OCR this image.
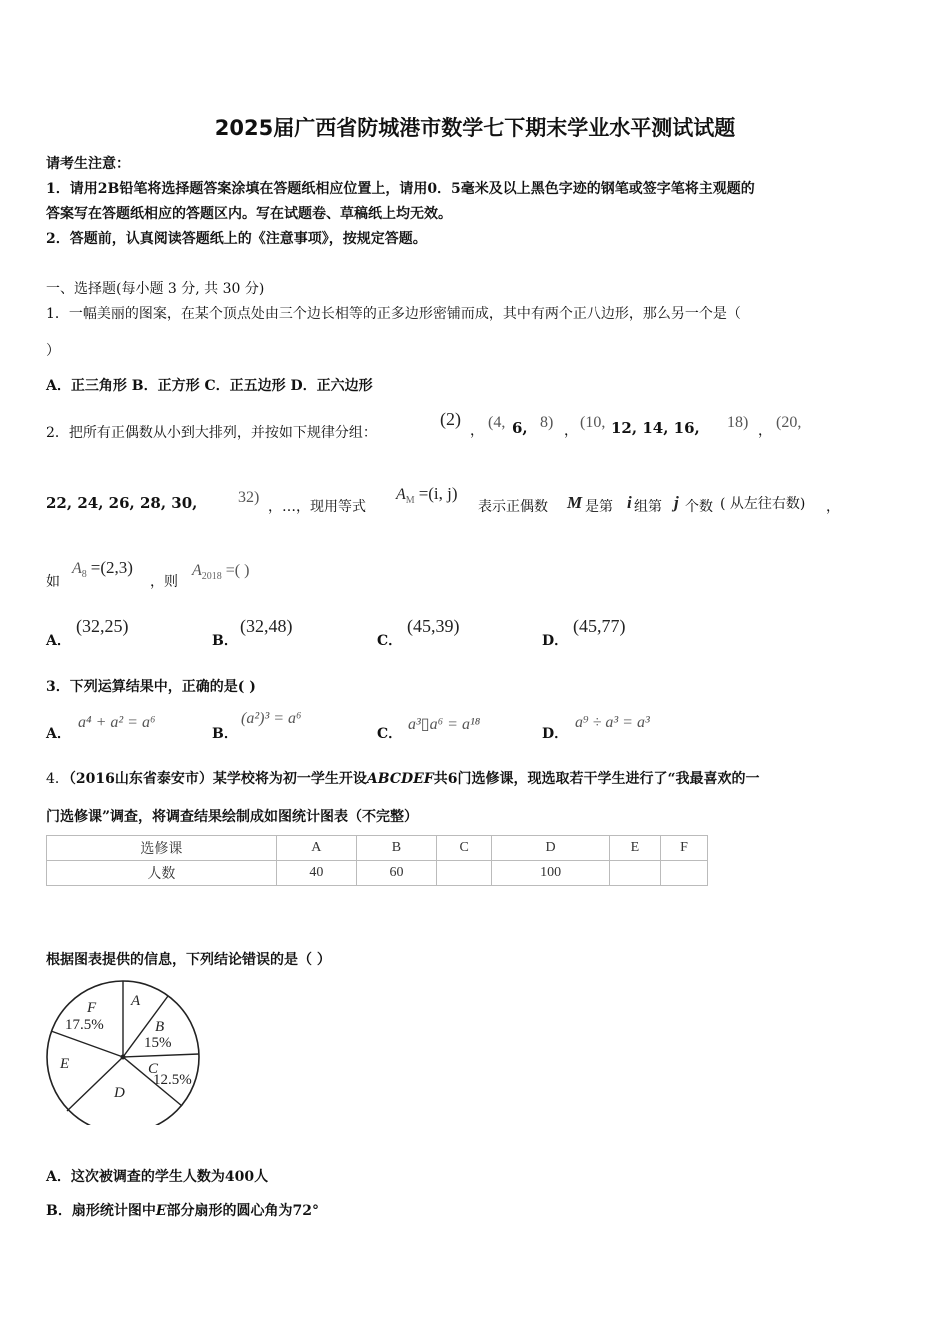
2025届广西省防城港市数学七下期末学业水平测试试题
请考生注意：
1．请用2B铅笔将选择题答案涂填在答题纸相应位置上，请用0．5毫米及以上黑色字迹的钢笔或签字笔将主观题的
答案写在答题纸相应的答题区内。写在试题卷、草稿纸上均无效。
2．答题前，认真阅读答题纸上的《注意事项》，按规定答题。
一、选择题(每小题 3 分, 共 30 分)
1．一幅美丽的图案，在某个顶点处由三个边长相等的正多边形密铺而成，其中有两个正八边形，那么另一个是（
）
A．正三角形 B．正方形 C．正五边形 D．正六边形
2．把所有正偶数从小到大排列，并按如下规律分组：
(2)
， (4, 6, 8) ， (10, 12, 14, 16, 18) ， (20,
22, 24, 26, 28, 30,	32)
，…，现用等式
$A_M =(i$, j)
表示正偶数 M 是第 i 组第 j 个数 ( 从左往右数) ，
如
$A_8 =(2,3)$
，则
$A_{2018}$ =( )
A．
(32,25)
B．
(32,48)
C．
(45,39)
D．
(45,77)
3．下列运算结果中，正确的是( )
A．
a⁴ + a² = a⁶
B．
(a²)³ = a⁶
C．
a³▯a⁶ = a¹⁸
D．
a⁹ ÷ a³ = a³
4．（2016山东省泰安市）某学校将为初一学生开设ABCDEF共6门选修课，现选取若干学生进行了“我最喜欢的一
门选修课”调查，将调查结果绘制成如图统计图表（不完整）
选修课	A	B	C	D	E	F
人数	40	60		100		
根据图表提供的信息，下列结论错误的是（ ）
A
B
15%
C
12.5%
D
E
F
17.5%
A．这次被调查的学生人数为400人
B．扇形统计图中E部分扇形的圆心角为72°
